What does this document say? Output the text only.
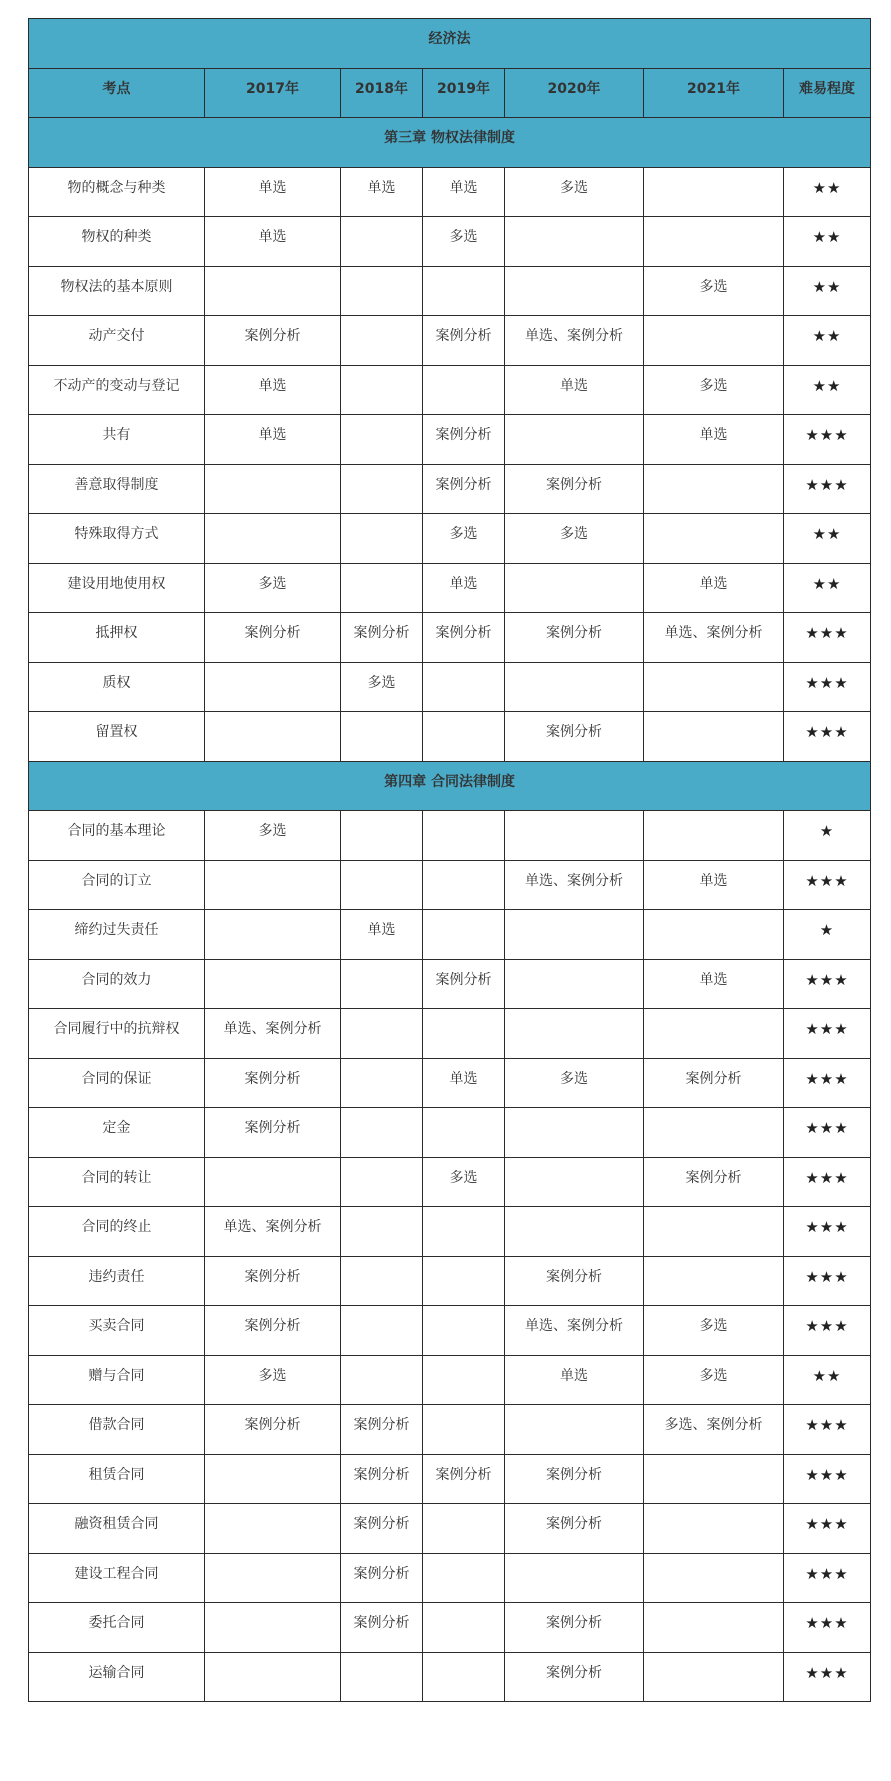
经济法						
考点	2017年	2018年	2019年	2020年	2021年	难易程度
第三章 物权法律制度						
物的概念与种类	单选	单选	单选	多选		★★
物权的种类	单选		多选			★★
物权法的基本原则					多选	★★
动产交付	案例分析		案例分析	单选、案例分析		★★
不动产的变动与登记	单选			单选	多选	★★
共有	单选		案例分析		单选	★★★
善意取得制度			案例分析	案例分析		★★★
特殊取得方式			多选	多选		★★
建设用地使用权	多选		单选		单选	★★
抵押权	案例分析	案例分析	案例分析	案例分析	单选、案例分析	★★★
质权		多选				★★★
留置权				案例分析		★★★
第四章 合同法律制度						
合同的基本理论	多选					★
合同的订立				单选、案例分析	单选	★★★
缔约过失责任		单选				★
合同的效力			案例分析		单选	★★★
合同履行中的抗辩权	单选、案例分析					★★★
合同的保证	案例分析		单选	多选	案例分析	★★★
定金	案例分析					★★★
合同的转让			多选		案例分析	★★★
合同的终止	单选、案例分析					★★★
违约责任	案例分析			案例分析		★★★
买卖合同	案例分析			单选、案例分析	多选	★★★
赠与合同	多选			单选	多选	★★
借款合同	案例分析	案例分析			多选、案例分析	★★★
租赁合同		案例分析	案例分析	案例分析		★★★
融资租赁合同		案例分析		案例分析		★★★
建设工程合同		案例分析				★★★
委托合同		案例分析		案例分析		★★★
运输合同				案例分析		★★★
